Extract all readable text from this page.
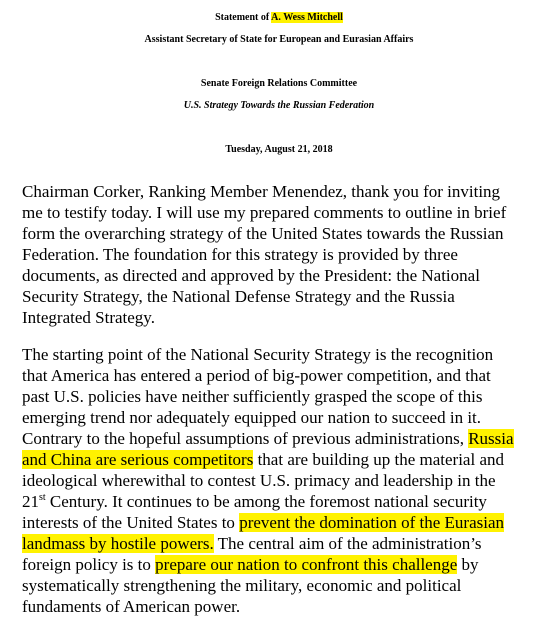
Statement of A. Wess Mitchell
Assistant Secretary of State for European and Eurasian Affairs
Senate Foreign Relations Committee
U.S. Strategy Towards the Russian Federation
Tuesday, August 21, 2018
Chairman Corker, Ranking Member Menendez, thank you for inviting
me to testify today. I will use my prepared comments to outline in brief
form the overarching strategy of the United States towards the Russian
Federation. The foundation for this strategy is provided by three
documents, as directed and approved by the President: the National
Security Strategy, the National Defense Strategy and the Russia
Integrated Strategy.
The starting point of the National Security Strategy is the recognition
that America has entered a period of big-power competition, and that
past U.S. policies have neither sufficiently grasped the scope of this
emerging trend nor adequately equipped our nation to succeed in it.
Contrary to the hopeful assumptions of previous administrations, Russia
and China are serious competitors that are building up the material and
ideological wherewithal to contest U.S. primacy and leadership in the
21st Century. It continues to be among the foremost national security
interests of the United States to prevent the domination of the Eurasian
landmass by hostile powers. The central aim of the administration’s
foreign policy is to prepare our nation to confront this challenge by
systematically strengthening the military, economic and political
fundaments of American power.
